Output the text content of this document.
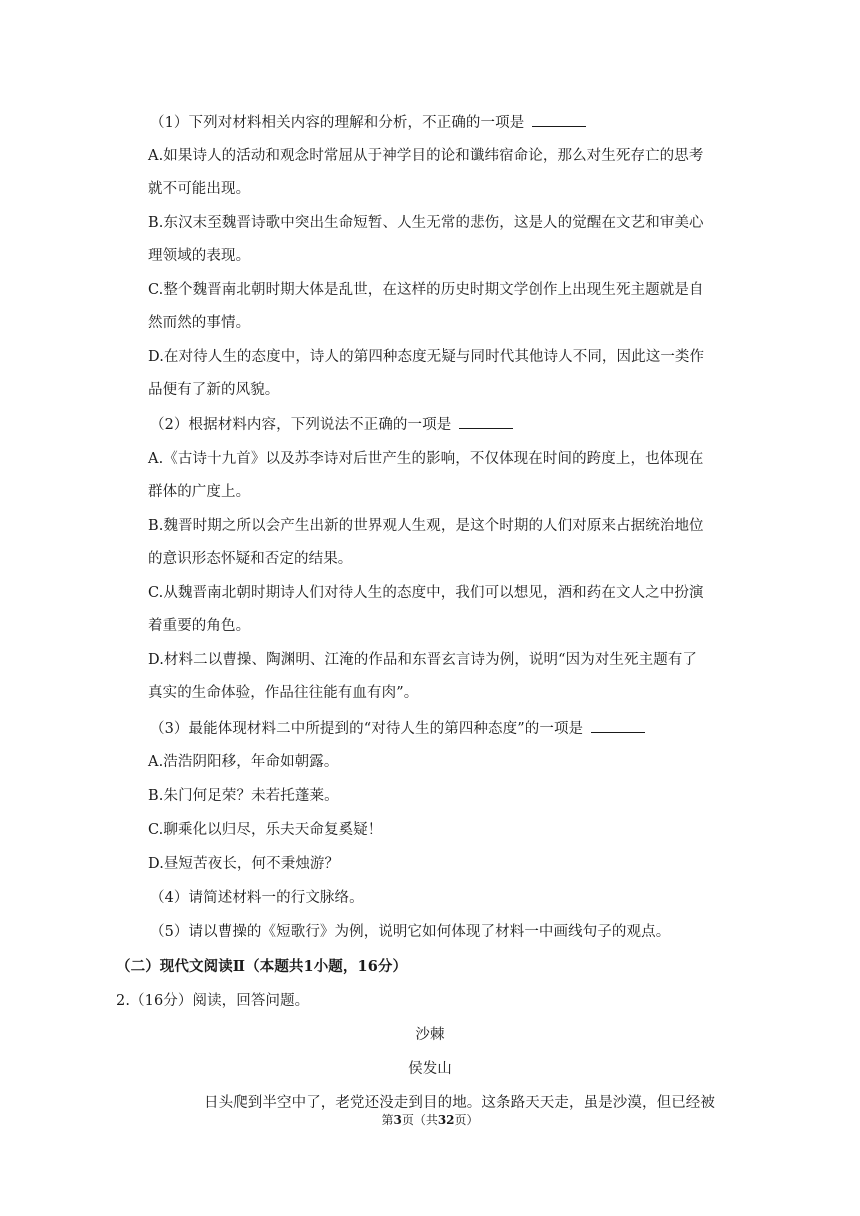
（1）下列对材料相关内容的理解和分析，不正确的一项是
A.如果诗人的活动和观念时常屈从于神学目的论和谶纬宿命论，那么对生死存亡的思考
就不可能出现。
B.东汉末至魏晋诗歌中突出生命短暂、人生无常的悲伤，这是人的觉醒在文艺和审美心
理领域的表现。
C.整个魏晋南北朝时期大体是乱世，在这样的历史时期文学创作上出现生死主题就是自
然而然的事情。
D.在对待人生的态度中，诗人的第四种态度无疑与同时代其他诗人不同，因此这一类作
品便有了新的风貌。
（2）根据材料内容，下列说法不正确的一项是
A.《古诗十九首》以及苏李诗对后世产生的影响，不仅体现在时间的跨度上，也体现在
群体的广度上。
B.魏晋时期之所以会产生出新的世界观人生观，是这个时期的人们对原来占据统治地位
的意识形态怀疑和否定的结果。
C.从魏晋南北朝时期诗人们对待人生的态度中，我们可以想见，酒和药在文人之中扮演
着重要的角色。
D.材料二以曹操、陶渊明、江淹的作品和东晋玄言诗为例，说明“因为对生死主题有了
真实的生命体验，作品往往能有血有肉”。
（3）最能体现材料二中所提到的“对待人生的第四种态度”的一项是
A.浩浩阴阳移，年命如朝露。
B.朱门何足荣？未若托蓬莱。
C.聊乘化以归尽，乐夫天命复奚疑！
D.昼短苦夜长，何不秉烛游？
（4）请简述材料一的行文脉络。
（5）请以曹操的《短歌行》为例，说明它如何体现了材料一中画线句子的观点。
（二）现代文阅读Ⅱ（本题共1小题，16分）
2.（16分）阅读，回答问题。
沙棘
侯发山
日头爬到半空中了，老党还没走到目的地。这条路天天走，虽是沙漠，但已经被
第3页（共32页）
